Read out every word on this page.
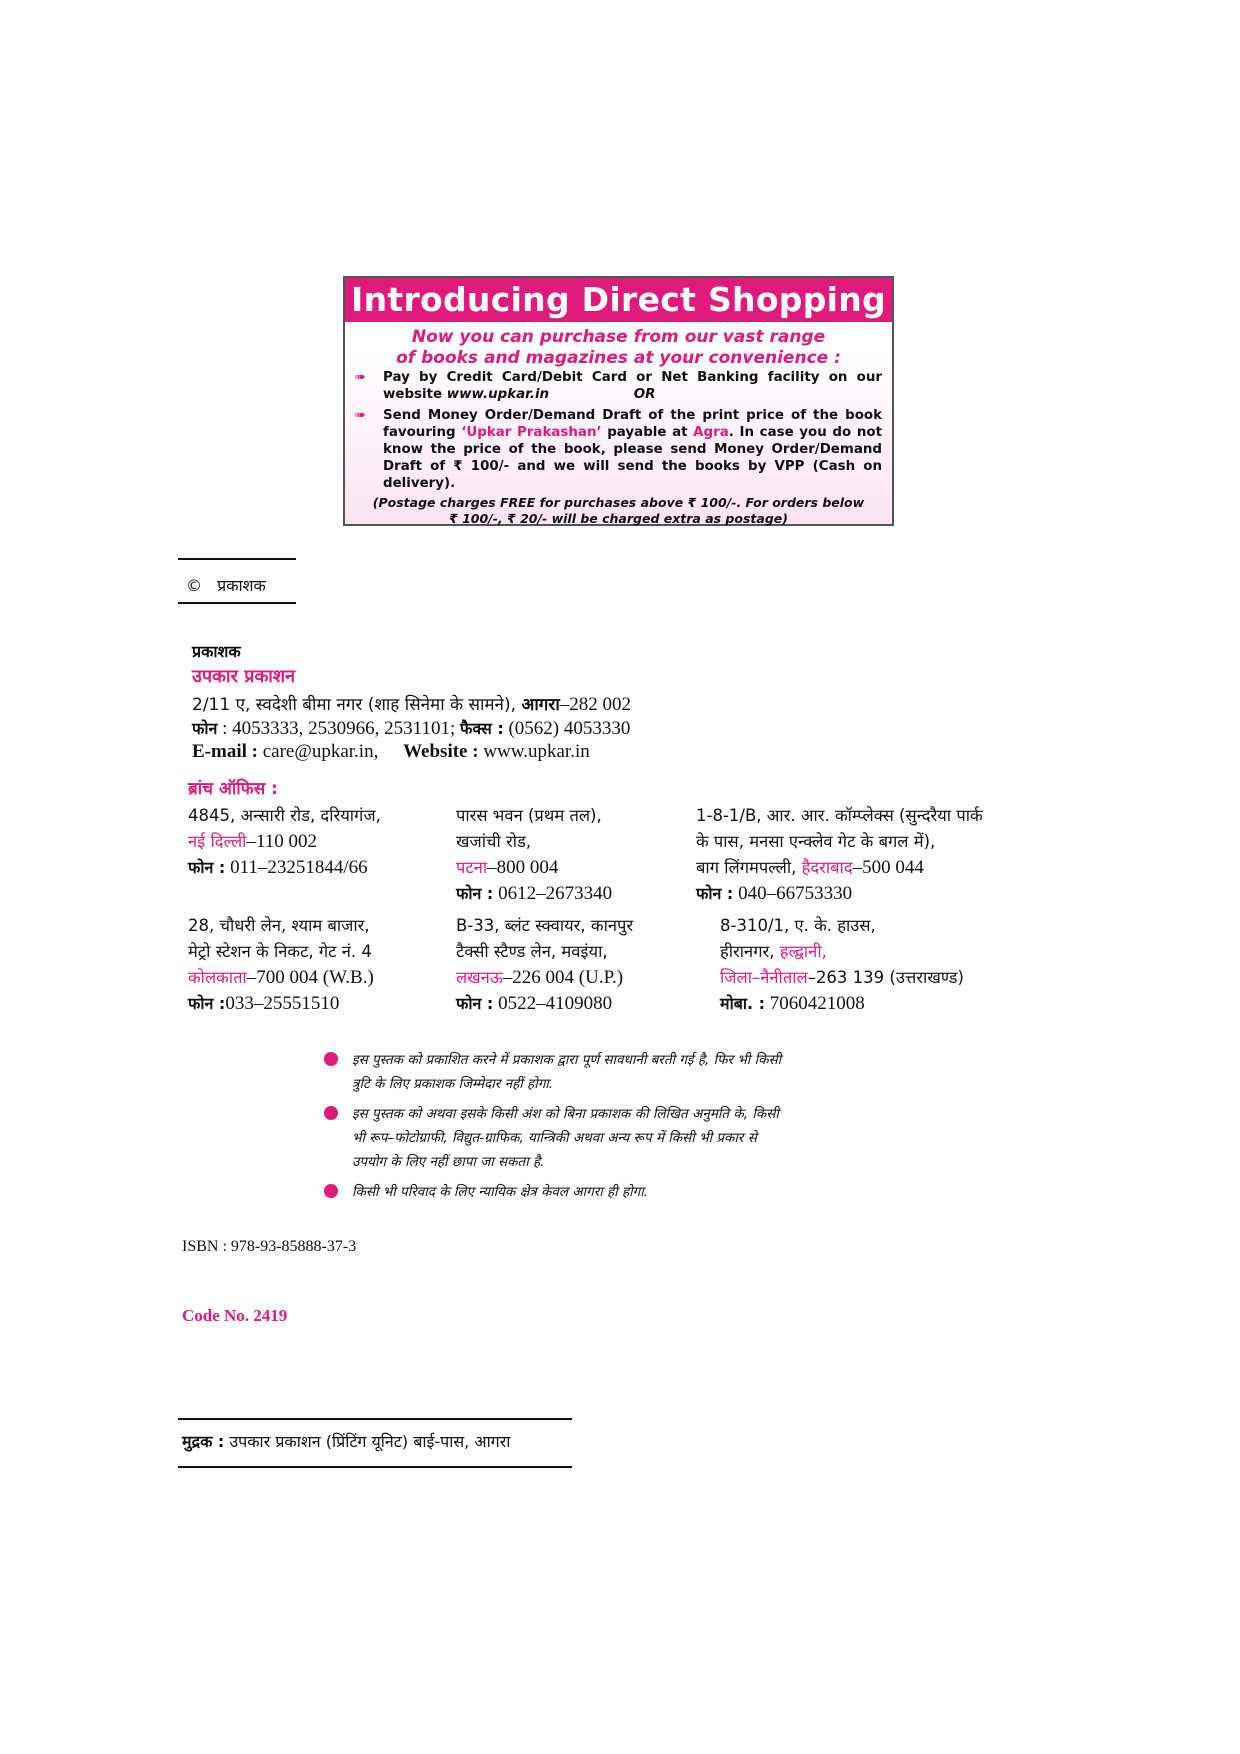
Introducing Direct Shopping
Now you can purchase from our vast range
of books and magazines at your convenience :
➠	Pay by Credit Card/Debit Card or Net Banking facility on our website www.upkar.in	OR
➠	Send Money Order/Demand Draft of the print price of the book favouring ‘Upkar Prakashan’ payable at Agra. In case you do not know the price of the book, please send Money Order/Demand Draft of ₹ 100/- and we will send the books by VPP (Cash on delivery).
(Postage charges FREE for purchases above ₹ 100/-. For orders below
₹ 100/-, ₹ 20/- will be charged extra as postage)
© प्रकाशक
प्रकाशक
उपकार प्रकाशन
2/11 ए, स्वदेशी बीमा नगर (शाह सिनेमा के सामने), आगरा–282 002
फोन : 4053333, 2530966, 2531101; फैक्स : (0562) 4053330
E-mail : care@upkar.in, Website : www.upkar.in
ब्रांच ऑफिस :
4845, अन्सारी रोड, दरियागंज,
नई दिल्ली–110 002
फोन : 011–23251844/66
पारस भवन (प्रथम तल),
खजांची रोड,
पटना–800 004
फोन : 0612–2673340
1-8-1/B, आर. आर. कॉम्प्लेक्स (सुन्दरैया पार्क
के पास, मनसा एन्क्लेव गेट के बगल में),
बाग लिंगमपल्ली, हैदराबाद–500 044
फोन : 040–66753330
28, चौधरी लेन, श्याम बाजार,
मेट्रो स्टेशन के निकट, गेट नं. 4
कोलकाता–700 004 (W.B.)
फोन :033–25551510
B-33, ब्लंट स्क्वायर, कानपुर
टैक्सी स्टैण्ड लेन, मवइंया,
लखनऊ–226 004 (U.P.)
फोन : 0522–4109080
8-310/1, ए. के. हाउस,
हीरानगर, हल्द्वानी,
जिला–नैनीताल–263 139 (उत्तराखण्ड)
मोबा. : 7060421008
इस पुस्तक को प्रकाशित करने में प्रकाशक द्वारा पूर्ण सावधानी बरती गई है, फिर भी किसी
त्रुटि के लिए प्रकाशक जिम्मेदार नहीं होगा.
इस पुस्तक को अथवा इसके किसी अंश को बिना प्रकाशक की लिखित अनुमति के, किसी
भी रूप–फोटोग्राफी, विद्युत-ग्राफिक, यान्त्रिकी अथवा अन्य रूप में किसी भी प्रकार से
उपयोग के लिए नहीं छापा जा सकता है.
किसी भी परिवाद के लिए न्यायिक क्षेत्र केवल आगरा ही होगा.
ISBN : 978-93-85888-37-3
Code No. 2419
मुद्रक : उपकार प्रकाशन (प्रिंटिंग यूनिट) बाई-पास, आगरा
